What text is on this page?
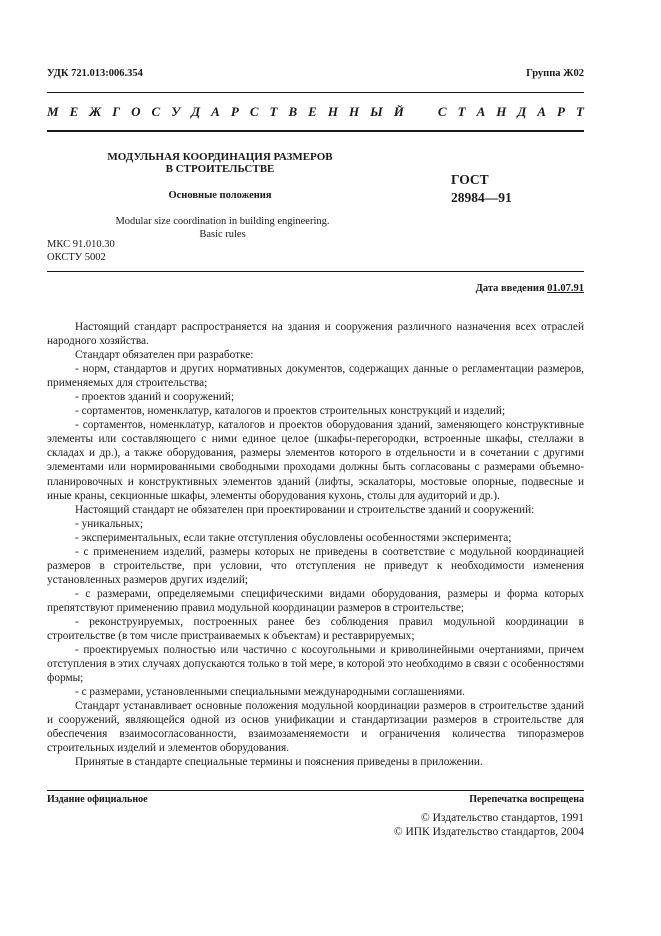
УДК 721.013:006.354	Группа Ж02
М Е Ж Г О С У Д А Р С Т В Е Н Н Ы Й	С Т А Н Д А Р Т
МОДУЛЬНАЯ КООРДИНАЦИЯ РАЗМЕРОВ
В СТРОИТЕЛЬСТВЕ
Основные положения
ГОСТ
28984—91
Modular size coordination in building engineering.
Basic rules
МКС 91.010.30
ОКСТУ 5002
Дата введения 01.07.91

Настоящий стандарт распространяется на здания и сооружения различного назначения всех отраслей народного хозяйства.

Стандарт обязателен при разработке:

- норм, стандартов и других нормативных документов, содержащих данные о регламентации размеров, применяемых для строительства;

- проектов зданий и сооружений;

- сортаментов, номенклатур, каталогов и проектов строительных конструкций и изделий;

- сортаментов, номенклатур, каталогов и проектов оборудования зданий, заменяющего конструктивные элементы или составляющего с ними единое целое (шкафы-перегородки, встроенные шкафы, стеллажи в складах и др.), а также оборудования, размеры элементов которого в отдельности и в сочетании с другими элементами или нормированными свободными проходами должны быть согласованы с размерами объемно-планировочных и конструктивных элементов зданий (лифты, эскалаторы, мостовые опорные, подвесные и иные краны, секционные шкафы, элементы оборудования кухонь, столы для аудиторий и др.).

Настоящий стандарт не обязателен при проектировании и строительстве зданий и сооружений:

- уникальных;

- экспериментальных, если такие отступления обусловлены особенностями эксперимента;

- с применением изделий, размеры которых не приведены в соответствие с модульной координацией размеров в строительстве, при условии, что отступления не приведут к необходимости изменения установленных размеров других изделий;

- с размерами, определяемыми специфическими видами оборудования, размеры и форма которых препятствуют применению правил модульной координации размеров в строительстве;

- реконструируемых, построенных ранее без соблюдения правил модульной координации в строительстве (в том числе пристраиваемых к объектам) и реставрируемых;

- проектируемых полностью или частично с косоугольными и криволинейными очертаниями, причем отступления в этих случаях допускаются только в той мере, в которой это необходимо в связи с особенностями формы;

- с размерами, установленными специальными международными соглашениями.

Стандарт устанавливает основные положения модульной координации размеров в строительстве зданий и сооружений, являющейся одной из основ унификации и стандартизации размеров в строительстве для обеспечения взаимосогласованности, взаимозаменяемости и ограничения количества типоразмеров строительных изделий и элементов оборудования.

Принятые в стандарте специальные термины и пояснения приведены в приложении.

Издание официальное	Перепечатка воспрещена
© Издательство стандартов, 1991
© ИПК Издательство стандартов, 2004
